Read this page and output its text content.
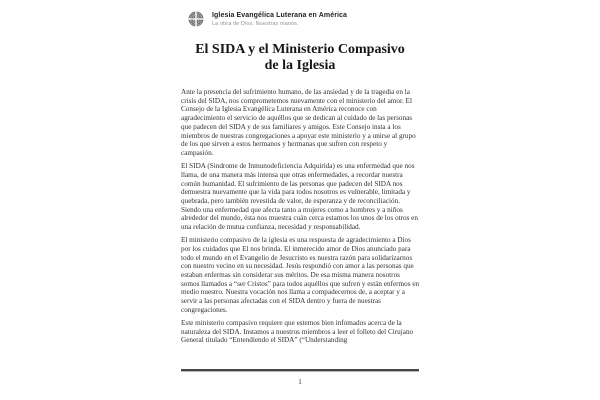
Iglesia Evangélica Luterana en América
La obra de Dios. Nuestras manos.
El SIDA y el Ministerio Compasivo
de la Iglesia

Ante la presencia del sufrimiento humano, de las ansiedad y de la tragedia en la crisis del SIDA, nos comprometemos nuevamente con el ministerio del amor. El Consejo de la Iglesia Evangélica Luterana en América reconoce con agradecimiento el servicio de aquéllos que se dedican al cuidado de las personas que padecen del SIDA y de sus familiares y amigos. Este Consejo insta a los miembros de nuestras congregaciones a apoyar este ministerio y a unirse al grupo de los que sirven a estos hermanos y hermanas que sufren con respeto y campasión.

El SIDA (Sindrome de Inmunodeficiencia Adquirida) es una enfermedad que nos llama, de una manera más intensa que otras enfermedades, a recordar nuestra común humanidad. El sufrimiento de las personas que padecen del SIDA nos demuestra nuevamente que la vida para todos nosotros es vulnerable, limitada y quebrada, pero también revestida de valor, de esperanza y de reconciliación. Siendo una enfermedad que afecta tanto a mujeres como a hombres y a niños alrededor del mundo, ésta nos muestra cuán cerca estamos los unos de los otros en una relación de mutua confianza, necesidad y responsabilidad.

El ministerio compasivo de la iglesia es una respuesta de agradecimiento a Dios por los cuidados que El nos brinda. El inmerecido amor de Dios anunciado para todo el mundo en el Evangelio de Jesucristo es nuestra razón para solidarizarnos con nuestro vecino en su necesidad. Jesús respondió con amor a las personas que estaban enfermas sin considerar sus méritos. De esa misma manera nosotros somos llamados a “ser Cristos” para todos aquéllos que sufren y están enfermos en medio nuestro. Nuestra vocación nos llama a compadecernos de, a aceptar y a servir a las personas afectadas con el SIDA dentro y fuera de nuestras congregaciones.

Este ministerio compasivo requiere que estemos bien infomados acerca de la naturaleza del SIDA. Instamos a nuestros miembros a leer el folleto del Cirujano General titulado “Entendiendo el SIDA” (“Understanding

1
